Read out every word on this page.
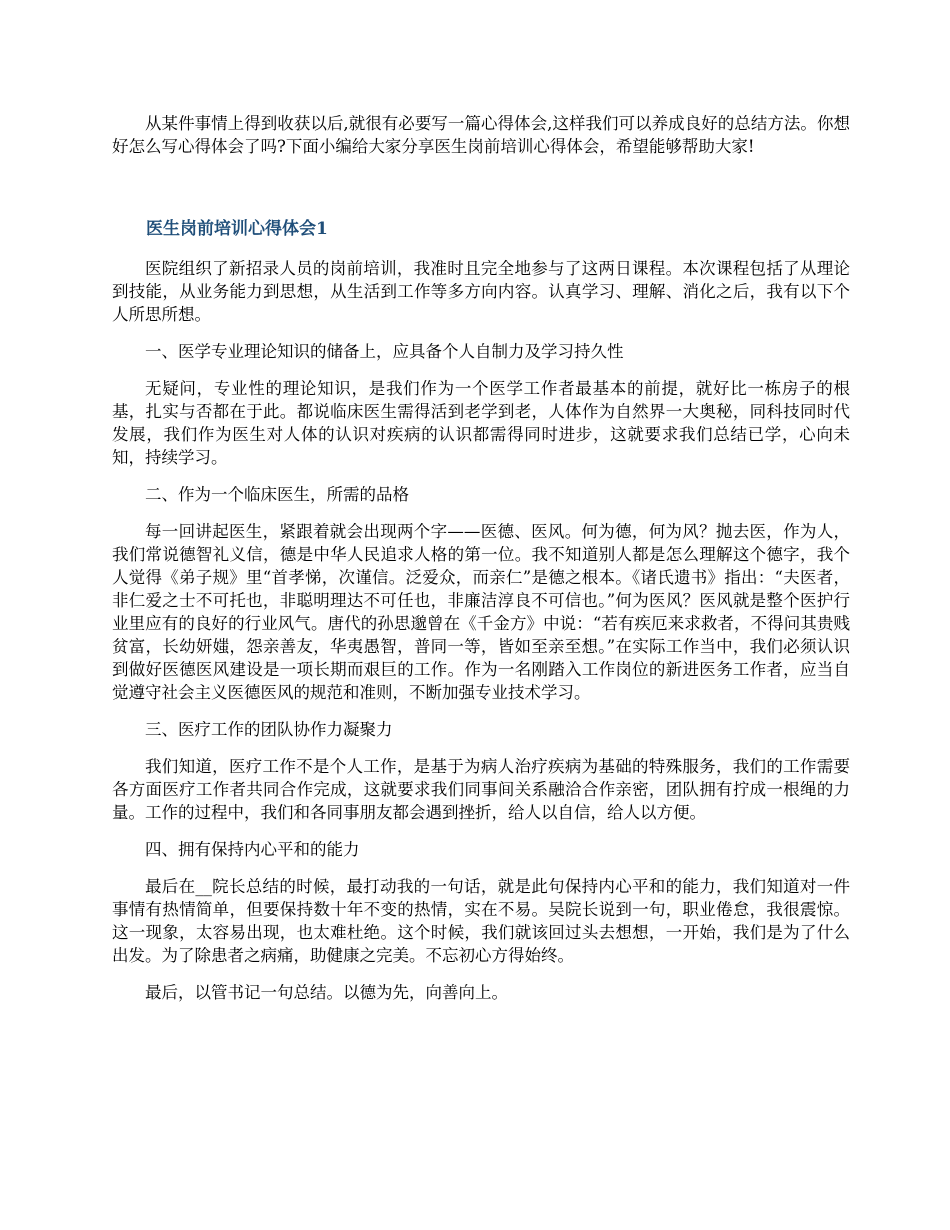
从某件事情上得到收获以后,就很有必要写一篇心得体会,这样我们可以养成良好的总结方法。你想好怎么写心得体会了吗?下面小编给大家分享医生岗前培训心得体会，希望能够帮助大家!

医生岗前培训心得体会1

医院组织了新招录人员的岗前培训，我准时且完全地参与了这两日课程。本次课程包括了从理论到技能，从业务能力到思想，从生活到工作等多方向内容。认真学习、理解、消化之后，我有以下个人所思所想。

一、医学专业理论知识的储备上，应具备个人自制力及学习持久性

无疑问，专业性的理论知识，是我们作为一个医学工作者最基本的前提，就好比一栋房子的根基，扎实与否都在于此。都说临床医生需得活到老学到老，人体作为自然界一大奥秘，同科技同时代发展，我们作为医生对人体的认识对疾病的认识都需得同时进步，这就要求我们总结已学，心向未知，持续学习。

二、作为一个临床医生，所需的品格

每一回讲起医生，紧跟着就会出现两个字——医德、医风。何为德，何为风？抛去医，作为人，我们常说德智礼义信，德是中华人民追求人格的第一位。我不知道别人都是怎么理解这个德字，我个人觉得《弟子规》里“首孝悌，次谨信。泛爱众，而亲仁”是德之根本。《诸氏遗书》指出：“夫医者，非仁爱之士不可托也，非聪明理达不可任也，非廉洁淳良不可信也。”何为医风？医风就是整个医护行业里应有的良好的行业风气。唐代的孙思邈曾在《千金方》中说：“若有疾厄来求救者，不得问其贵贱贫富，长幼妍媸，怨亲善友，华夷愚智，普同一等，皆如至亲至想。”在实际工作当中，我们必须认识到做好医德医风建设是一项长期而艰巨的工作。作为一名刚踏入工作岗位的新进医务工作者，应当自觉遵守社会主义医德医风的规范和准则，不断加强专业技术学习。

三、医疗工作的团队协作力凝聚力

我们知道，医疗工作不是个人工作，是基于为病人治疗疾病为基础的特殊服务，我们的工作需要各方面医疗工作者共同合作完成，这就要求我们同事间关系融洽合作亲密，团队拥有拧成一根绳的力量。工作的过程中，我们和各同事朋友都会遇到挫折，给人以自信，给人以方便。

四、拥有保持内心平和的能力

最后在__院长总结的时候，最打动我的一句话，就是此句保持内心平和的能力，我们知道对一件事情有热情简单，但要保持数十年不变的热情，实在不易。吴院长说到一句，职业倦怠，我很震惊。这一现象，太容易出现，也太难杜绝。这个时候，我们就该回过头去想想，一开始，我们是为了什么出发。为了除患者之病痛，助健康之完美。不忘初心方得始终。

最后，以管书记一句总结。以德为先，向善向上。
